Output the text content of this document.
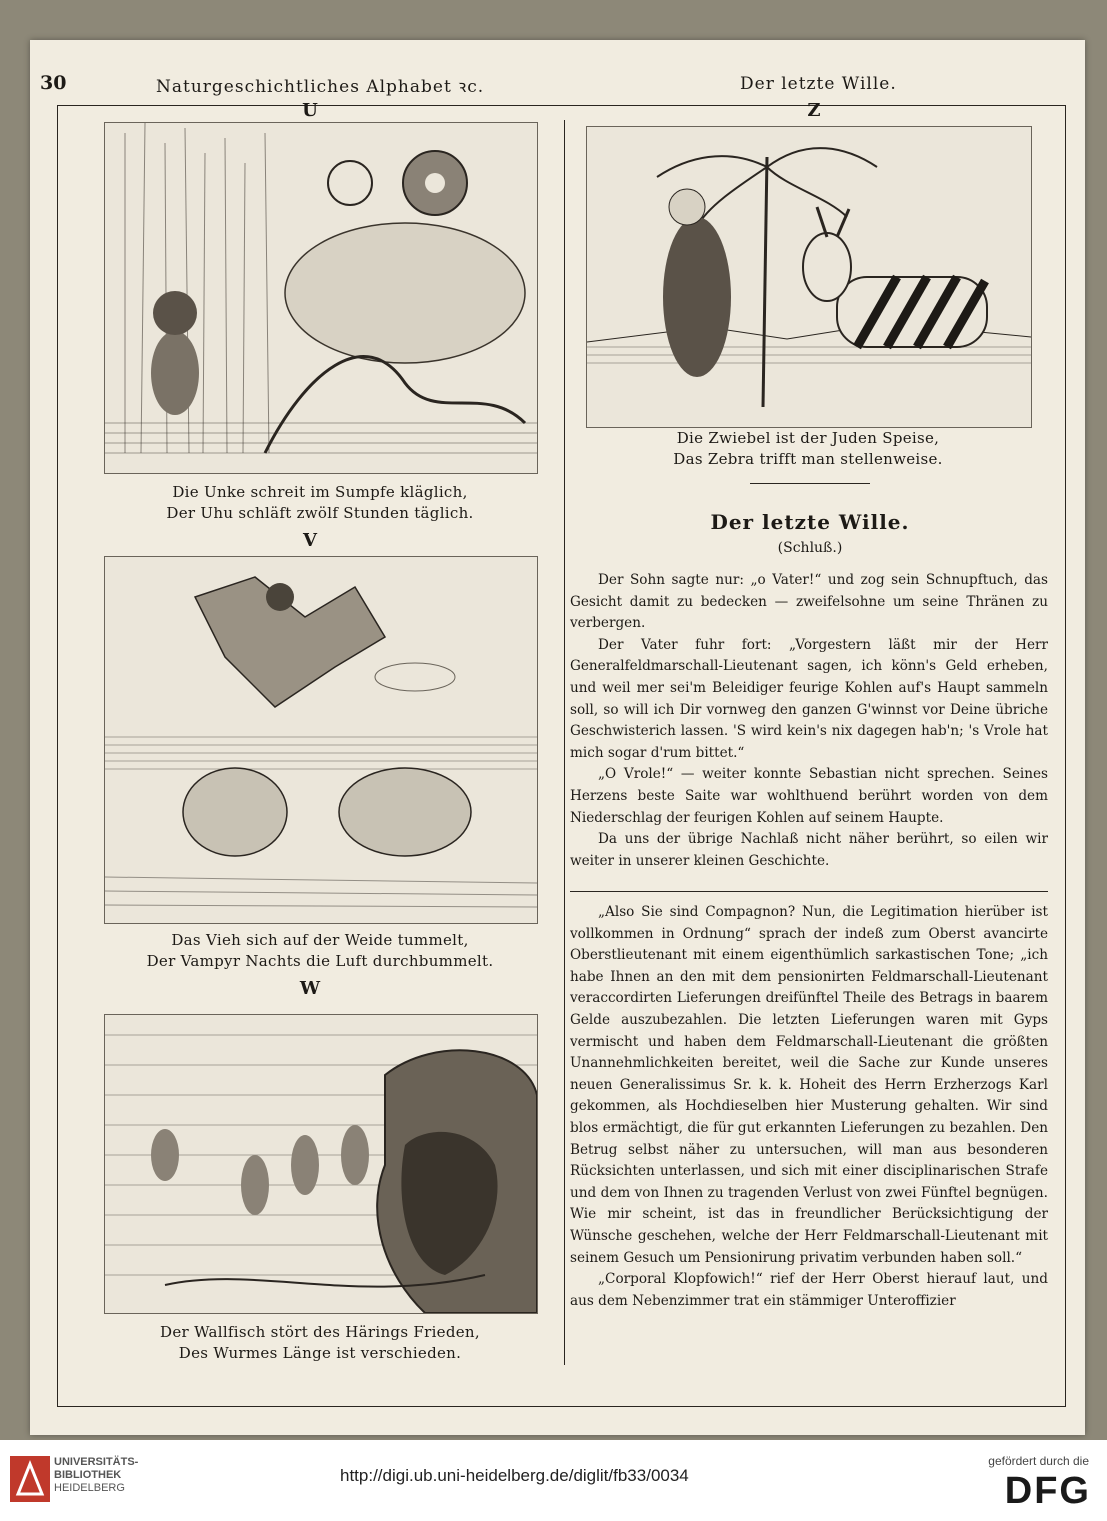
30	Naturgeschichtliches Alphabet ꝛc.	Der letzte Wille.
U
Die Unke schreit im Sumpfe kläglich,
Der Uhu schläft zwölf Stunden täglich.
V
Das Vieh sich auf der Weide tummelt,
Der Vampyr Nachts die Luft durchbummelt.
W
Der Wallfisch stört des Härings Frieden,
Des Wurmes Länge ist verschieden.
Z
Die Zwiebel ist der Juden Speise,
Das Zebra trifft man stellenweise.
Der letzte Wille.
(Schluß.)

Der Sohn sagte nur: „o Vater!“ und zog sein Schnupftuch, das Gesicht damit zu bedecken — zweifelsohne um seine Thränen zu verbergen.

Der Vater fuhr fort: „Vorgestern läßt mir der Herr Generalfeldmarschall-Lieutenant sagen, ich könn's Geld erheben, und weil mer sei'm Beleidiger feurige Kohlen auf's Haupt sammeln soll, so will ich Dir vornweg den ganzen G'winnst vor Deine übriche Geschwisterich lassen. 'S wird kein's nix dagegen hab'n; 's Vrole hat mich sogar d'rum bittet.“

„O Vrole!“ — weiter konnte Sebastian nicht sprechen. Seines Herzens beste Saite war wohlthuend berührt worden von dem Niederschlag der feurigen Kohlen auf seinem Haupte.

Da uns der übrige Nachlaß nicht näher berührt, so eilen wir weiter in unserer kleinen Geschichte.

„Also Sie sind Compagnon? Nun, die Legitimation hierüber ist vollkommen in Ordnung“ sprach der indeß zum Oberst avancirte Oberstlieutenant mit einem eigenthümlich sarkastischen Tone; „ich habe Ihnen an den mit dem pensionirten Feldmarschall-Lieutenant veraccordirten Lieferungen dreifünftel Theile des Betrags in baarem Gelde auszubezahlen. Die letzten Lieferungen waren mit Gyps vermischt und haben dem Feldmarschall-Lieutenant die größten Unannehmlichkeiten bereitet, weil die Sache zur Kunde unseres neuen Generalissimus Sr. k. k. Hoheit des Herrn Erzherzogs Karl gekommen, als Hochdieselben hier Musterung gehalten. Wir sind blos ermächtigt, die für gut erkannten Lieferungen zu bezahlen. Den Betrug selbst näher zu untersuchen, will man aus besonderen Rücksichten unterlassen, und sich mit einer disciplinarischen Strafe und dem von Ihnen zu tragenden Verlust von zwei Fünftel begnügen. Wie mir scheint, ist das in freundlicher Berücksichtigung der Wünsche geschehen, welche der Herr Feldmarschall-Lieutenant mit seinem Gesuch um Pensionirung privatim verbunden haben soll.“

„Corporal Klopfowich!“ rief der Herr Oberst hierauf laut, und aus dem Nebenzimmer trat ein stämmiger Unteroffizier

UNIVERSITÄTS-
BIBLIOTHEK
HEIDELBERG
http://digi.ub.uni-heidelberg.de/diglit/fb33/0034
gefördert durch die
DFG
